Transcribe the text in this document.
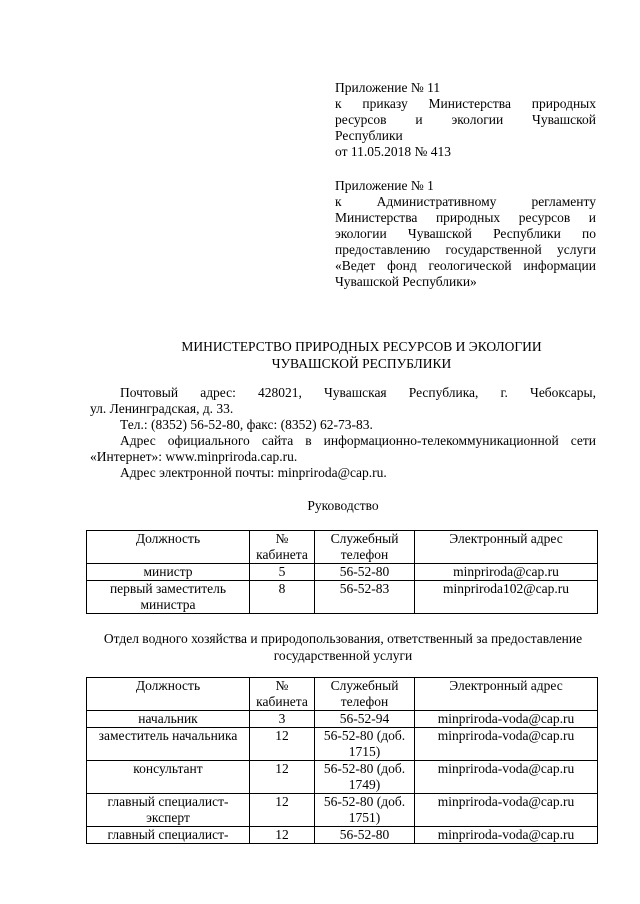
Приложение № 11

к приказу Министерства природных ресурсов и экологии Чувашской

Республики

от 11.05.2018 № 413

Приложение № 1

к Административному регламенту Министерства природных ресурсов и экологии Чувашской Республики по предоставлению государственной услуги «Ведет фонд геологической информации

Чувашской Республики»

МИНИСТЕРСТВО ПРИРОДНЫХ РЕСУРСОВ И ЭКОЛОГИИ
ЧУВАШСКОЙ РЕСПУБЛИКИ

Почтовый адрес: 428021, Чувашская Республика, г. Чебоксары,

ул. Ленинградская, д. 33.

Тел.: (8352) 56-52-80, факс: (8352) 62-73-83.

Адрес официального сайта в информационно-телекоммуникационной сети

«Интернет»: www.minpriroda.cap.ru.

Адрес электронной почты: minpriroda@cap.ru.

Руководство
Должность	№ кабинета	Служебный телефон	Электронный адрес
министр	5	56-52-80	minpriroda@cap.ru
первый заместитель министра	8	56-52-83	minpriroda102@cap.ru
Отдел водного хозяйства и природопользования, ответственный за предоставление
государственной услуги
Должность	№ кабинета	Служебный телефон	Электронный адрес
начальник	3	56-52-94	minpriroda-voda@cap.ru
заместитель начальника	12	56-52-80 (доб. 1715)	minpriroda-voda@cap.ru
консультант	12	56-52-80 (доб. 1749)	minpriroda-voda@cap.ru
главный специалист-эксперт	12	56-52-80 (доб. 1751)	minpriroda-voda@cap.ru
главный специалист-	12	56-52-80	minpriroda-voda@cap.ru
